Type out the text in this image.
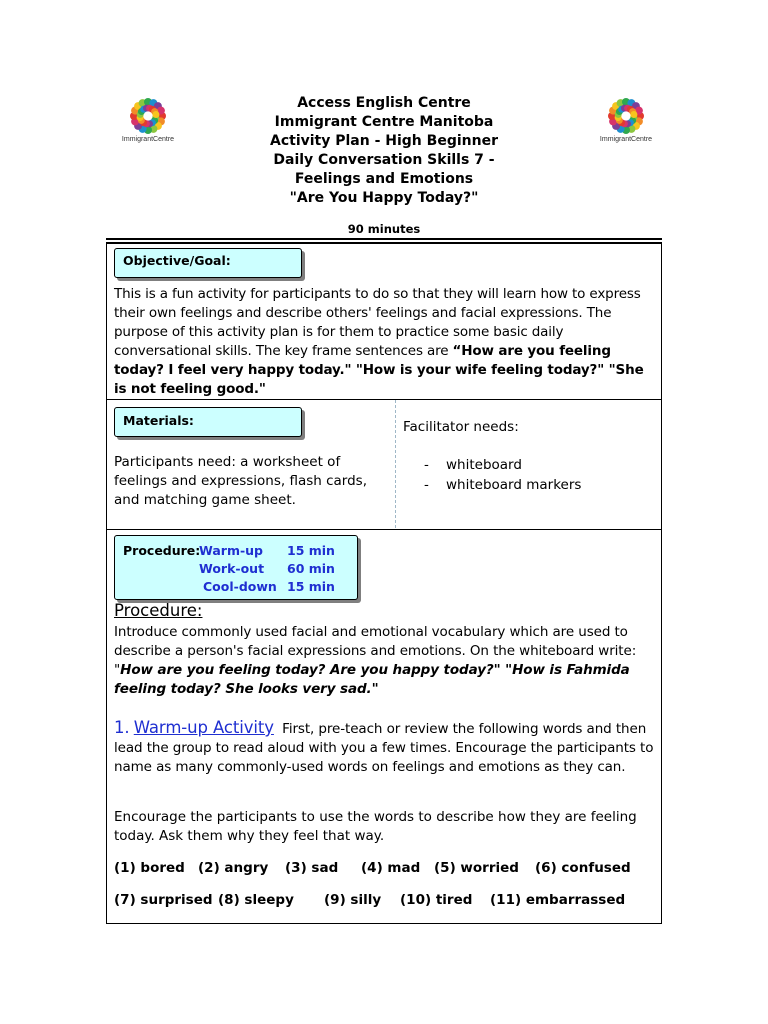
ImmigrantCentre	ImmigrantCentre
Access English Centre
Immigrant Centre Manitoba
Activity Plan - High Beginner
Daily Conversation Skills 7 -
Feelings and Emotions
"Are You Happy Today?"
90 minutes
Objective/Goal:
This is a fun activity for participants to do so that they will learn how to express their own feelings and describe others' feelings and facial expressions. The purpose of this activity plan is for them to practice some basic daily conversational skills. The key frame sentences are “How are you feeling today? I feel very happy today." "How is your wife feeling today?" "She is not feeling good."
Materials:
Participants need: a worksheet of feelings and expressions, flash cards, and matching game sheet.
Facilitator needs:
-	whiteboard
-	whiteboard markers
Procedure:
Warm-up	15 min
Work-out	60 min
Cool-down 15 min
Procedure:
Introduce commonly used facial and emotional vocabulary which are used to describe a person's facial expressions and emotions. On the whiteboard write: "How are you feeling today? Are you happy today?" "How is Fahmida feeling today? She looks very sad."
1. Warm-up Activity First, pre-teach or review the following words and then lead the group to read aloud with you a few times. Encourage the participants to name as many commonly-used words on feelings and emotions as they can.
Encourage the participants to use the words to describe how they are feeling today. Ask them why they feel that way.
(1) bored (2) angry (3) sad (4) mad (5) worried (6) confused
(7) surprised (8) sleepy (9) silly (10) tired (11) embarrassed
